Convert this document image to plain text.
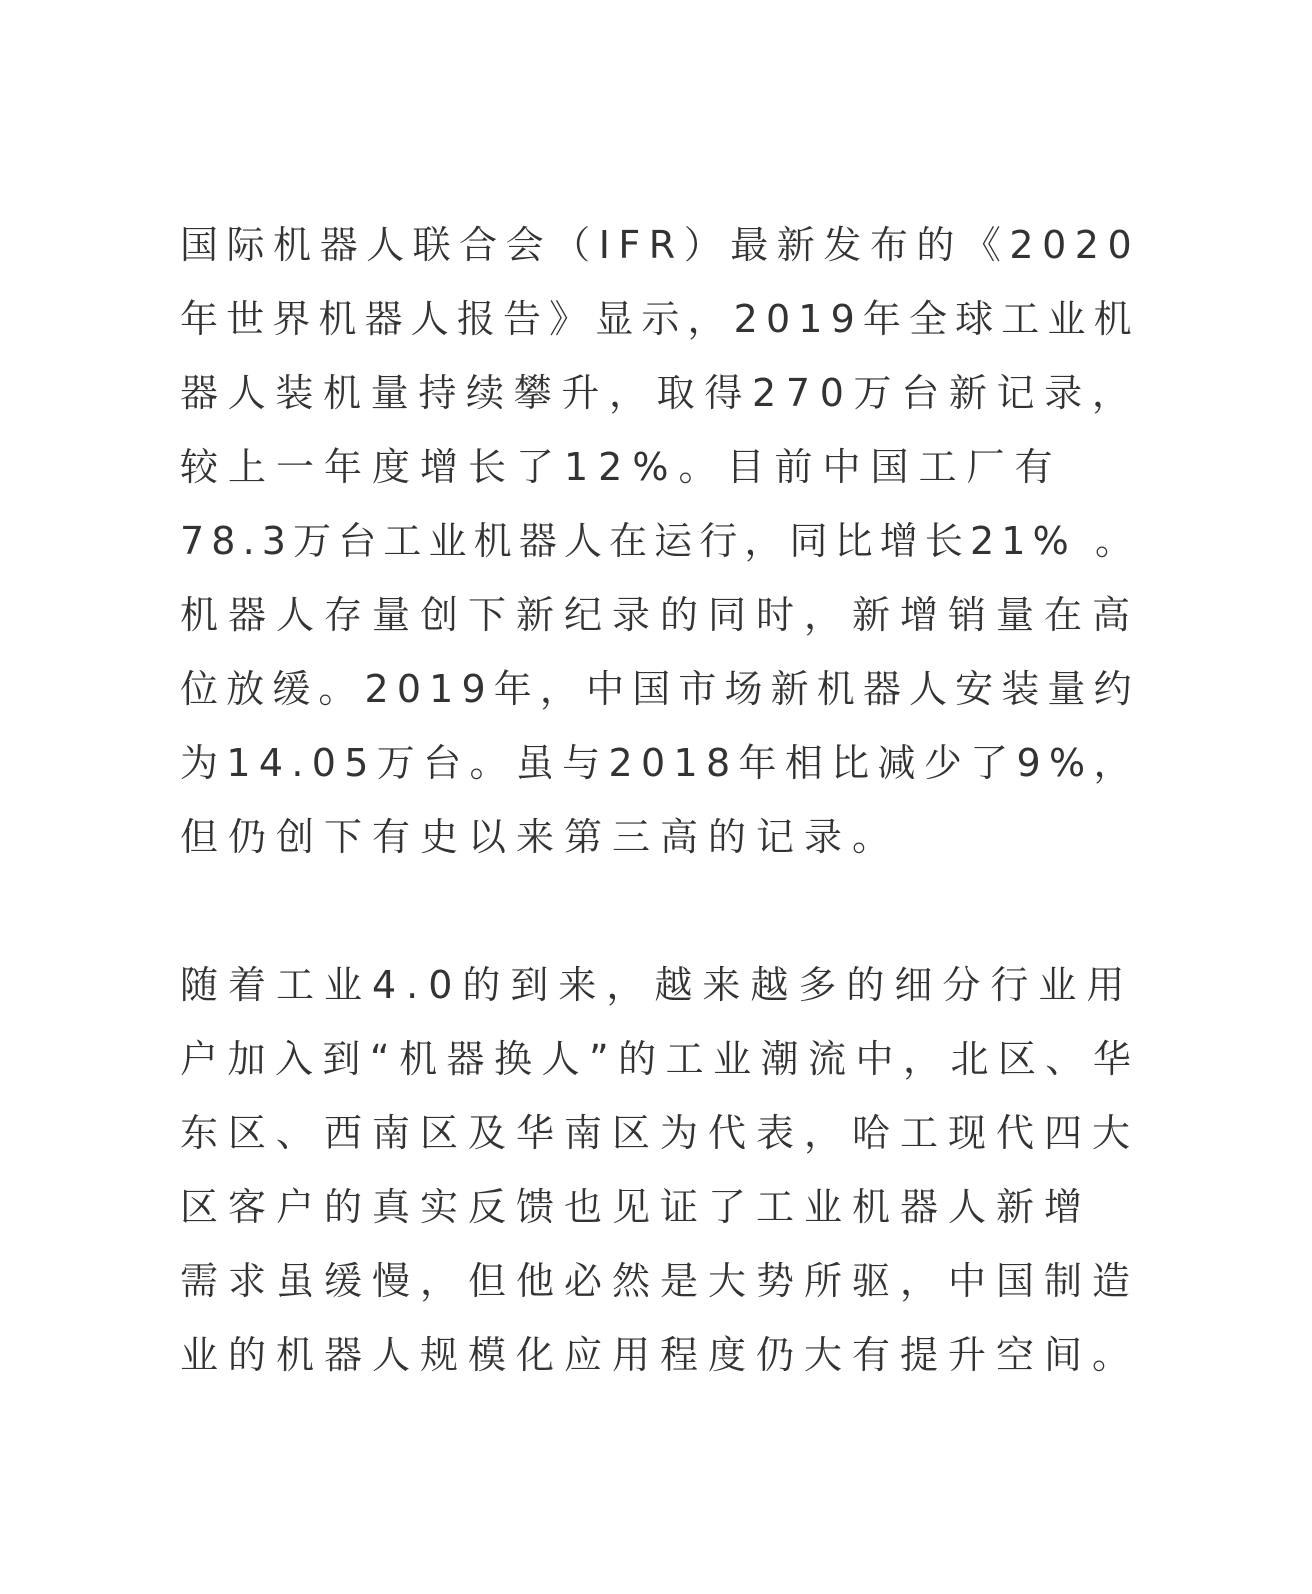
国际机器人联合会（IFR）最新发布的《2020
年世界机器人报告》显示，2019年全球工业机
器人装机量持续攀升，取得270万台新记录，
较上一年度增长了12%。目前中国工厂有
78.3万台工业机器人在运行，同比增长21% 。
机器人存量创下新纪录的同时，新增销量在高
位放缓。2019年，中国市场新机器人安装量约
为14.05万台。虽与2018年相比减少了9%，
但仍创下有史以来第三高的记录。

随着工业4.0的到来，越来越多的细分行业用
户加入到“机器换人”的工业潮流中，北区、华
东区、西南区及华南区为代表，哈工现代四大
区客户的真实反馈也见证了工业机器人新增
需求虽缓慢，但他必然是大势所驱，中国制造
业的机器人规模化应用程度仍大有提升空间。
